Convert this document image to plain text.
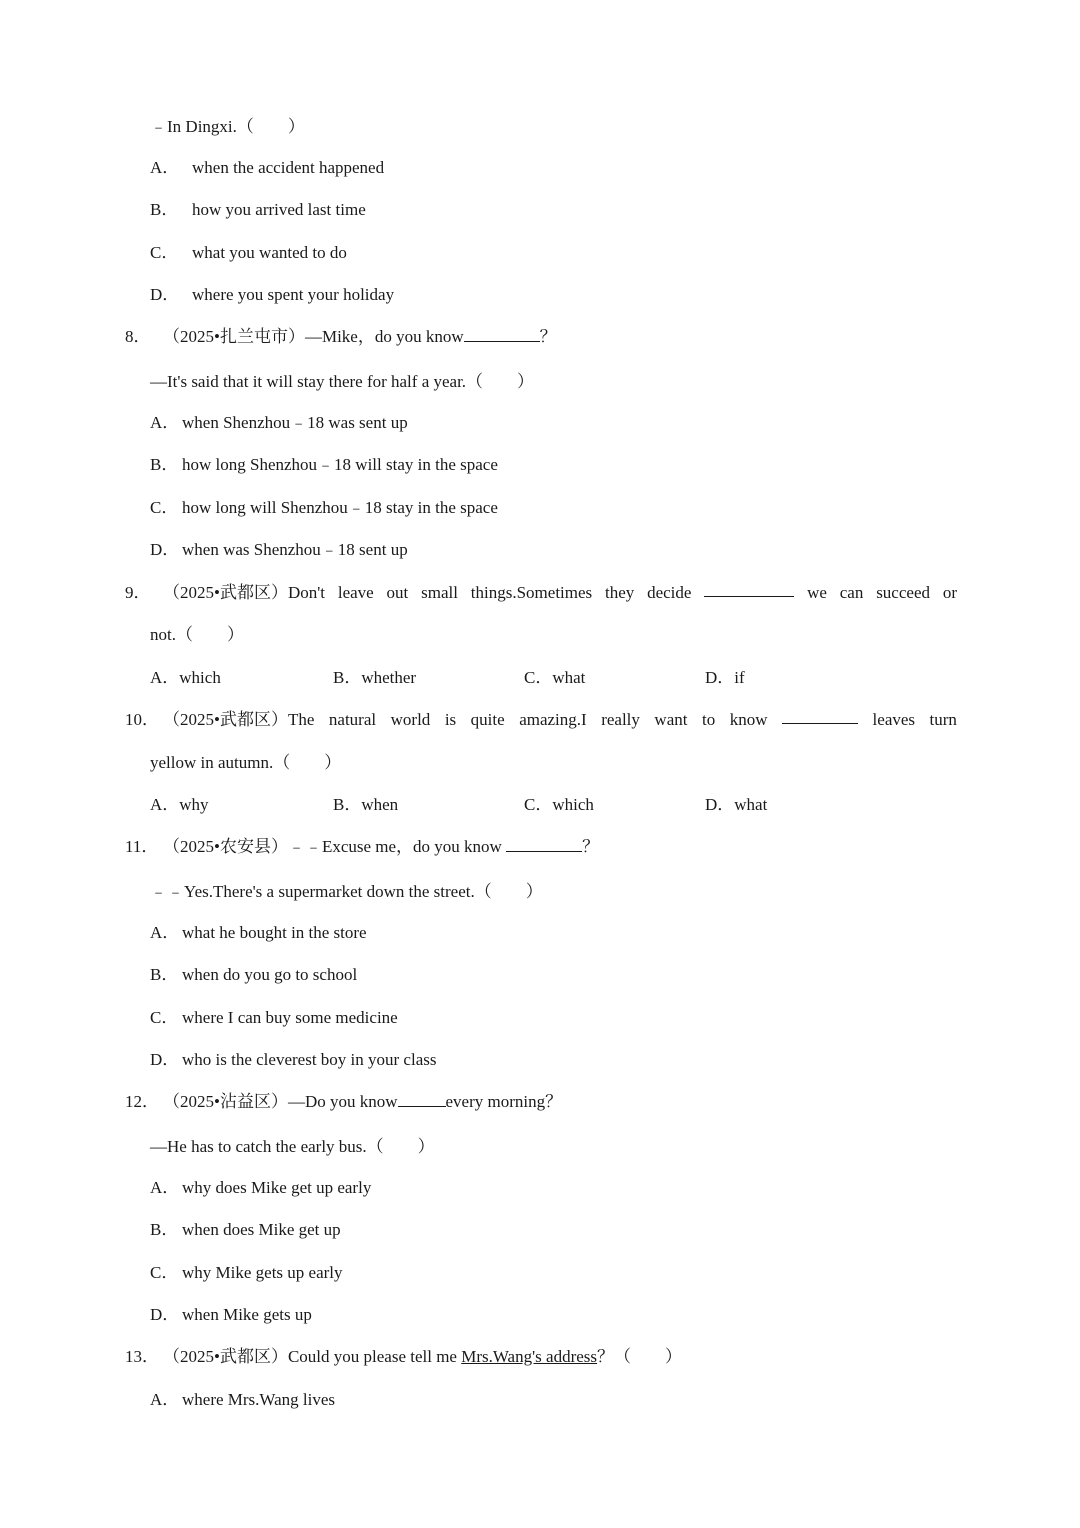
﹣In Dingxi.（　　）
A． when the accident happened
B． how you arrived last time
C． what you wanted to do
D． where you spent your holiday
8． （2025•扎兰屯市）—Mike，do you know	？
—It's said that it will stay there for half a year.（　　）
A． when Shenzhou﹣18 was sent up
B． how long Shenzhou﹣18 will stay in the space
C． how long will Shenzhou﹣18 stay in the space
D． when was Shenzhou﹣18 sent up
9． （2025•武都区）Don't leave out small things.Sometimes they decide	we can succeed or
not.（　　）
A．which	B．whether	C．what	D．if
10． （2025•武都区）The natural world is quite amazing.I really want to know	leaves turn
yellow in autumn.（　　）
A．why	B．when	C．which	D．what
11． （2025•农安县）﹣﹣Excuse me，do you know	？
﹣﹣Yes.There's a supermarket down the street.（　　）
A． what he bought in the store
B． when do you go to school
C． where I can buy some medicine
D． who is the cleverest boy in your class
12． （2025•沾益区）—Do you know	every morning？
—He has to catch the early bus.（　　）
A． why does Mike get up early
B． when does Mike get up
C． why Mike gets up early
D． when Mike gets up
13． （2025•武都区）Could you please tell me Mrs.Wang's address？（　　）
A． where Mrs.Wang lives
